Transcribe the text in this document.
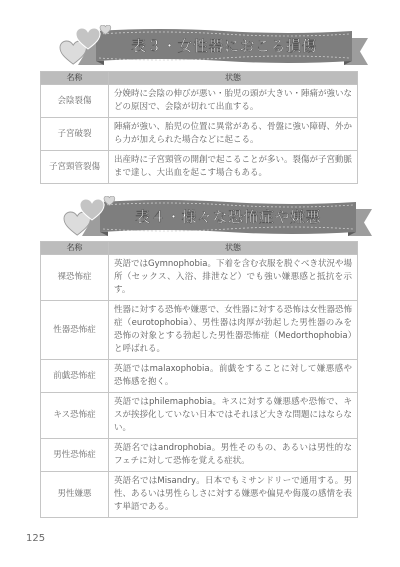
表３・女性器におこる損傷
名称	状態
会陰裂傷	分娩時に会陰の伸びが悪い・胎児の頭が大きい・陣痛が強いなどの原因で、会陰が切れて出血する。
子宮破裂	陣痛が強い、胎児の位置に異常がある、骨盤に強い障碍、外から力が加えられた場合などに起こる。
子宮頸管裂傷	出産時に子宮頸管の開創で起こることが多い。裂傷が子宮動脈まで達し、大出血を起こす場合もある。
表４・様々な恐怖症や嫌悪
名称	状態
裸恐怖症	英語ではGymnophobia。下着を含む衣服を脱ぐべき状況や場所（セックス、入浴、排泄など）でも強い嫌悪感と抵抗を示す。
性器恐怖症	性器に対する恐怖や嫌悪で、女性器に対する恐怖は女性器恐怖症（eurotophobia）、男性器は肉厚が勃起した男性器のみを恐怖の対象とする勃起した男性器恐怖症（Medorthophobia）と呼ばれる。
前戯恐怖症	英語ではmalaxophobia。前戯をすることに対して嫌悪感や恐怖感を抱く。
キス恐怖症	英語ではphilemaphobia。キスに対する嫌悪感や恐怖で、キスが挨拶化していない日本ではそれほど大きな問題にはならない。
男性恐怖症	英語名ではandrophobia。男性そのもの、あるいは男性的なフェチに対して恐怖を覚える症状。
男性嫌悪	英語名ではMisandry。日本でもミサンドリーで通用する。男性、あるいは男性らしさに対する嫌悪や偏見や侮蔑の感情を表す単語である。
125
